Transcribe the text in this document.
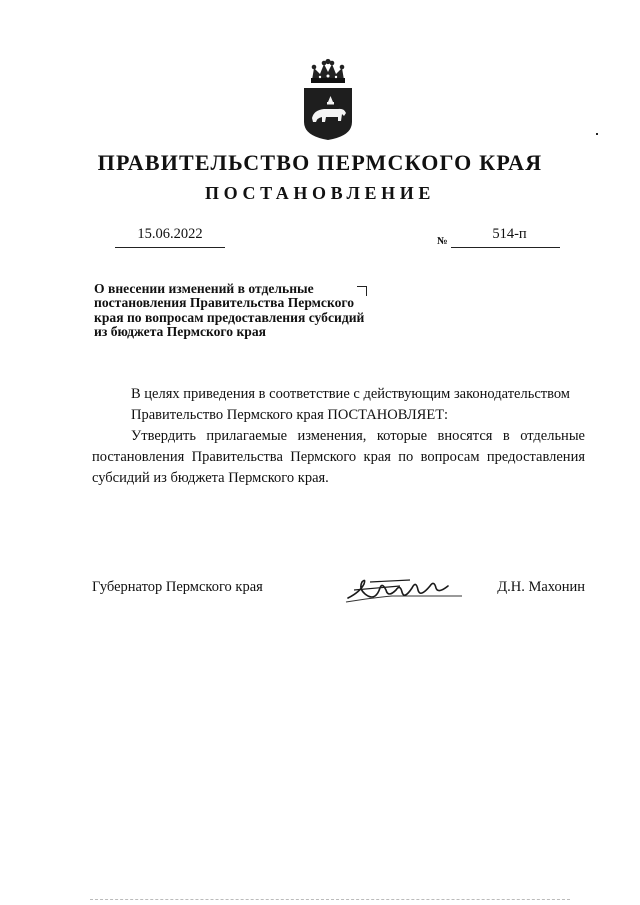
ПРАВИТЕЛЬСТВО ПЕРМСКОГО КРАЯ
ПОСТАНОВЛЕНИЕ
15.06.2022	№	514-п
О внесении изменений в отдельные
постановления Правительства Пермского
края по вопросам предоставления субсидий
из бюджета Пермского края

В целях приведения в соответствие с действующим законодательством

Правительство Пермского края ПОСТАНОВЛЯЕТ:

Утвердить прилагаемые изменения, которые вносятся в отдельные постановления Правительства Пермского края по вопросам предоставления субсидий из бюджета Пермского края.

Губернатор Пермского края	Д.Н. Махонин
